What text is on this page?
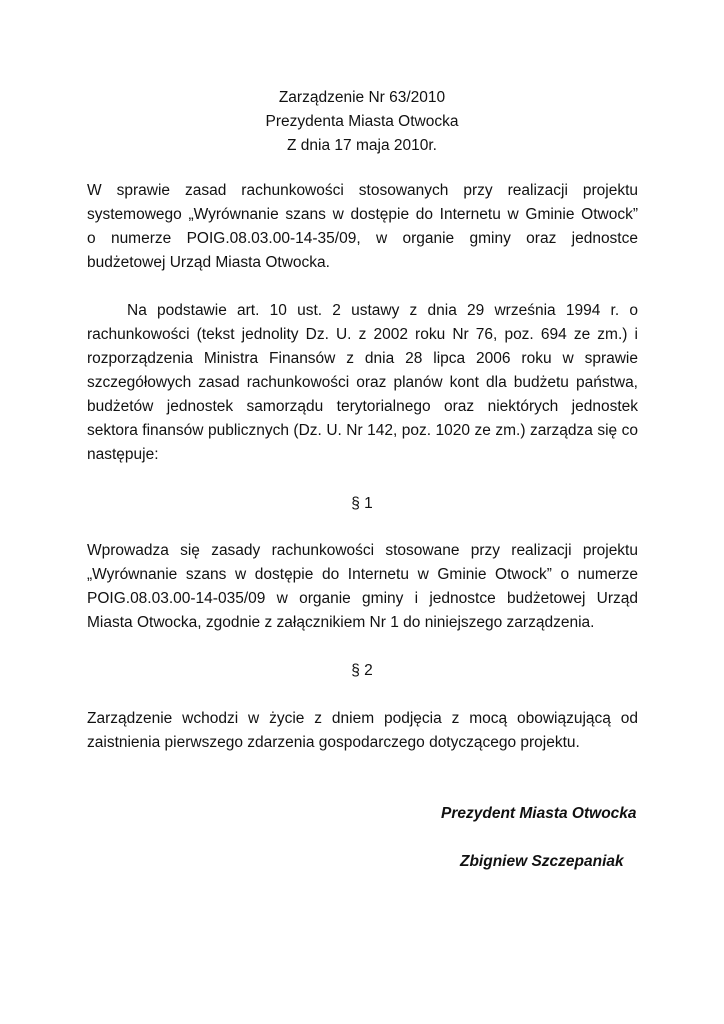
Zarządzenie Nr 63/2010
Prezydenta Miasta Otwocka
Z dnia 17 maja 2010r.
W sprawie zasad rachunkowości stosowanych przy realizacji projektu
systemowego „Wyrównanie szans w dostępie do Internetu w Gminie Otwock”
o numerze POIG.08.03.00-14-35/09, w organie gminy oraz jednostce
budżetowej Urząd Miasta Otwocka.
Na podstawie art. 10 ust. 2 ustawy z dnia 29 września 1994 r. o
rachunkowości (tekst jednolity Dz. U. z 2002 roku Nr 76, poz. 694 ze zm.) i
rozporządzenia Ministra Finansów z dnia 28 lipca 2006 roku w sprawie
szczegółowych zasad rachunkowości oraz planów kont dla budżetu państwa,
budżetów jednostek samorządu terytorialnego oraz niektórych jednostek
sektora finansów publicznych (Dz. U. Nr 142, poz. 1020 ze zm.) zarządza się co
następuje:
§ 1
Wprowadza się zasady rachunkowości stosowane przy realizacji projektu
„Wyrównanie szans w dostępie do Internetu w Gminie Otwock” o numerze
POIG.08.03.00-14-035/09 w organie gminy i jednostce budżetowej Urząd
Miasta Otwocka, zgodnie z załącznikiem Nr 1 do niniejszego zarządzenia.
§ 2
Zarządzenie wchodzi w życie z dniem podjęcia z mocą obowiązującą od
zaistnienia pierwszego zdarzenia gospodarczego dotyczącego projektu.
Prezydent Miasta Otwocka
Zbigniew Szczepaniak
